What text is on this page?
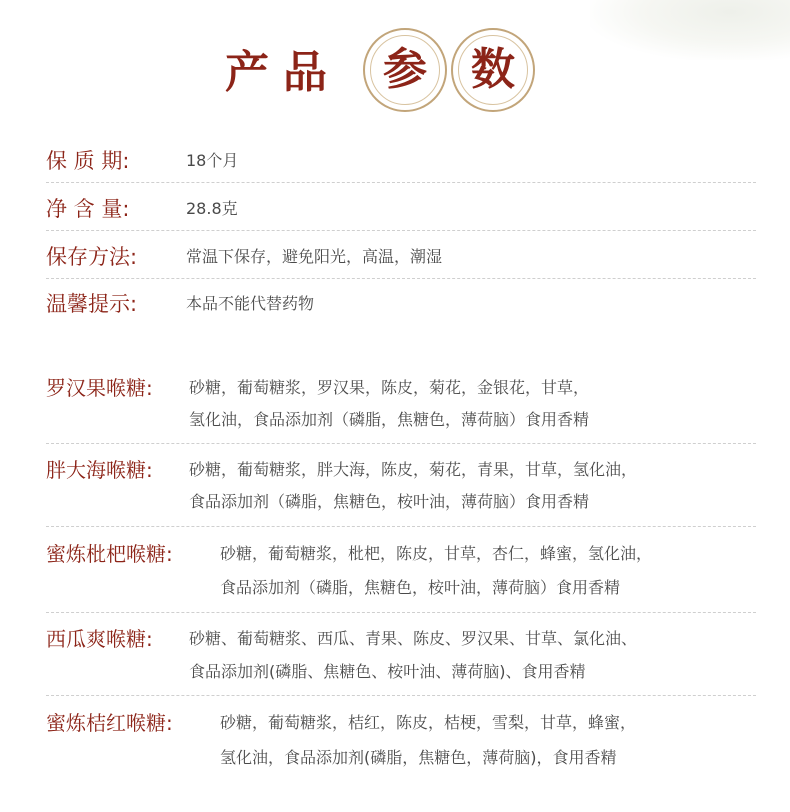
产 品 参 数
保 质 期:	18个月
净 含 量:	28.8克
保存方法:	常温下保存，避免阳光，高温，潮湿
温馨提示:	本品不能代替药物
罗汉果喉糖: 砂糖，葡萄糖浆，罗汉果，陈皮，菊花，金银花，甘草，
氢化油，食品添加剂（磷脂，焦糖色，薄荷脑）食用香精
胖大海喉糖: 砂糖，葡萄糖浆，胖大海，陈皮，菊花，青果，甘草，氢化油，
食品添加剂（磷脂，焦糖色，桉叶油，薄荷脑）食用香精
蜜炼枇杷喉糖:	砂糖，葡萄糖浆，枇杷，陈皮，甘草，杏仁，蜂蜜，氢化油，
食品添加剂（磷脂，焦糖色，桉叶油，薄荷脑）食用香精
西瓜爽喉糖: 砂糖、葡萄糖浆、西瓜、青果、陈皮、罗汉果、甘草、氯化油、
食品添加剂(磷脂、焦糖色、桉叶油、薄荷脑)、食用香精
蜜炼桔红喉糖:	砂糖，葡萄糖浆，桔红，陈皮，桔梗，雪梨，甘草，蜂蜜，
氢化油，食品添加剂(磷脂，焦糖色，薄荷脑)，食用香精
